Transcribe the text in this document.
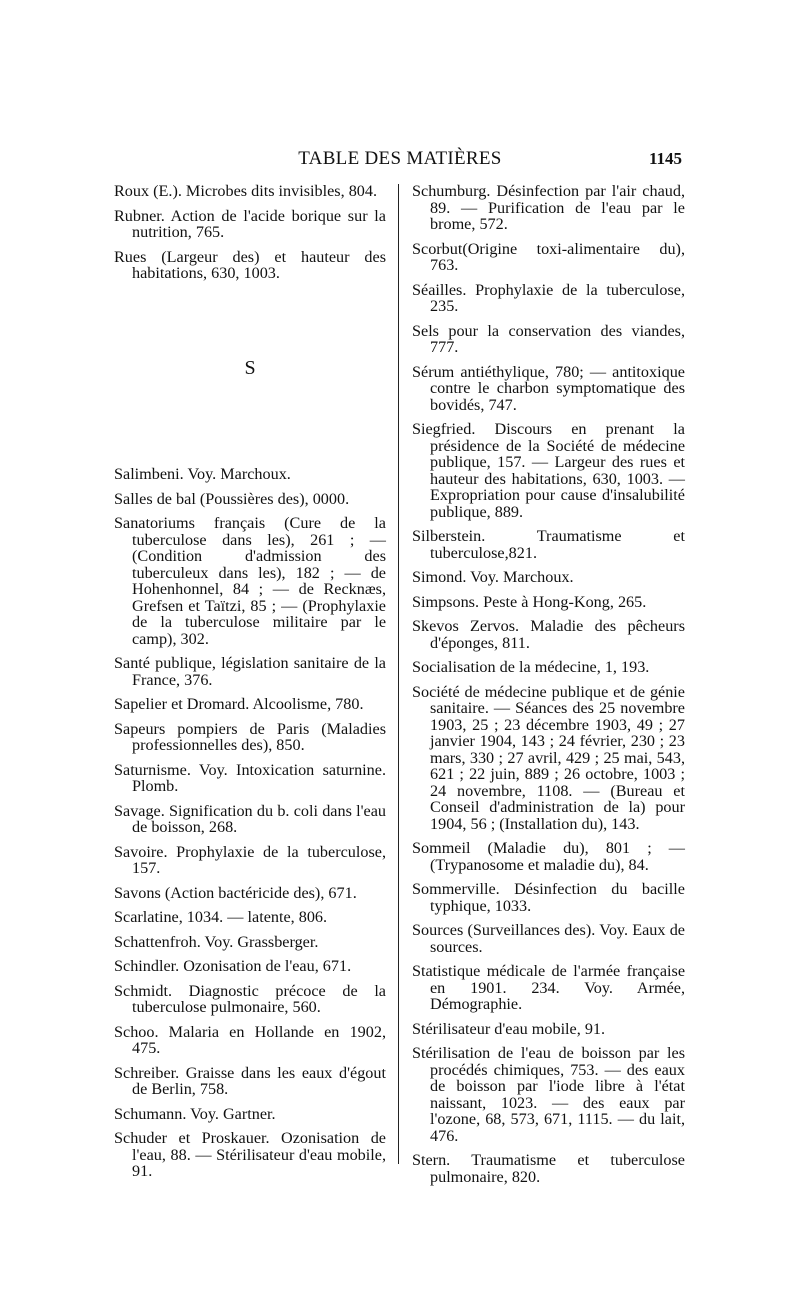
TABLE DES MATIÈRES	1145
Roux (E.). Microbes dits invisibles, 804.
Rubner. Action de l'acide borique sur la nutrition, 765.
Rues (Largeur des) et hauteur des habitations, 630, 1003.
S
Salimbeni. Voy. Marchoux.
Salles de bal (Poussières des), 0000.
Sanatoriums français (Cure de la tuberculose dans les), 261 ; — (Condition d'admission des tuberculeux dans les), 182 ; — de Hohenhonnel, 84 ; — de Recknæs, Grefsen et Taïtzi, 85 ; — (Prophylaxie de la tuberculose militaire par le camp), 302.
Santé publique, législation sanitaire de la France, 376.
Sapelier et Dromard. Alcoolisme, 780.
Sapeurs pompiers de Paris (Maladies professionnelles des), 850.
Saturnisme. Voy. Intoxication saturnine. Plomb.
Savage. Signification du b. coli dans l'eau de boisson, 268.
Savoire. Prophylaxie de la tuberculose, 157.
Savons (Action bactéricide des), 671.
Scarlatine, 1034. — latente, 806.
Schattenfroh. Voy. Grassberger.
Schindler. Ozonisation de l'eau, 671.
Schmidt. Diagnostic précoce de la tuberculose pulmonaire, 560.
Schoo. Malaria en Hollande en 1902, 475.
Schreiber. Graisse dans les eaux d'égout de Berlin, 758.
Schumann. Voy. Gartner.
Schuder et Proskauer. Ozonisation de l'eau, 88. — Stérilisateur d'eau mobile, 91.
Schumburg. Désinfection par l'air chaud, 89. — Purification de l'eau par le brome, 572.
Scorbut(Origine toxi-alimentaire du), 763.
Séailles. Prophylaxie de la tuberculose, 235.
Sels pour la conservation des viandes, 777.
Sérum antiéthylique, 780; — antitoxique contre le charbon symptomatique des bovidés, 747.
Siegfried. Discours en prenant la présidence de la Société de médecine publique, 157. — Largeur des rues et hauteur des habitations, 630, 1003. — Expropriation pour cause d'insalubilité publique, 889.
Silberstein. Traumatisme et tuberculose,821.
Simond. Voy. Marchoux.
Simpsons. Peste à Hong-Kong, 265.
Skevos Zervos. Maladie des pêcheurs d'éponges, 811.
Socialisation de la médecine, 1, 193.
Société de médecine publique et de génie sanitaire. — Séances des 25 novembre 1903, 25 ; 23 décembre 1903, 49 ; 27 janvier 1904, 143 ; 24 février, 230 ; 23 mars, 330 ; 27 avril, 429 ; 25 mai, 543, 621 ; 22 juin, 889 ; 26 octobre, 1003 ; 24 novembre, 1108. — (Bureau et Conseil d'administration de la) pour 1904, 56 ; (Installation du), 143.
Sommeil (Maladie du), 801 ; — (Trypanosome et maladie du), 84.
Sommerville. Désinfection du bacille typhique, 1033.
Sources (Surveillances des). Voy. Eaux de sources.
Statistique médicale de l'armée française en 1901. 234. Voy. Armée, Démographie.
Stérilisateur d'eau mobile, 91.
Stérilisation de l'eau de boisson par les procédés chimiques, 753. — des eaux de boisson par l'iode libre à l'état naissant, 1023. — des eaux par l'ozone, 68, 573, 671, 1115. — du lait, 476.
Stern. Traumatisme et tuberculose pulmonaire, 820.
